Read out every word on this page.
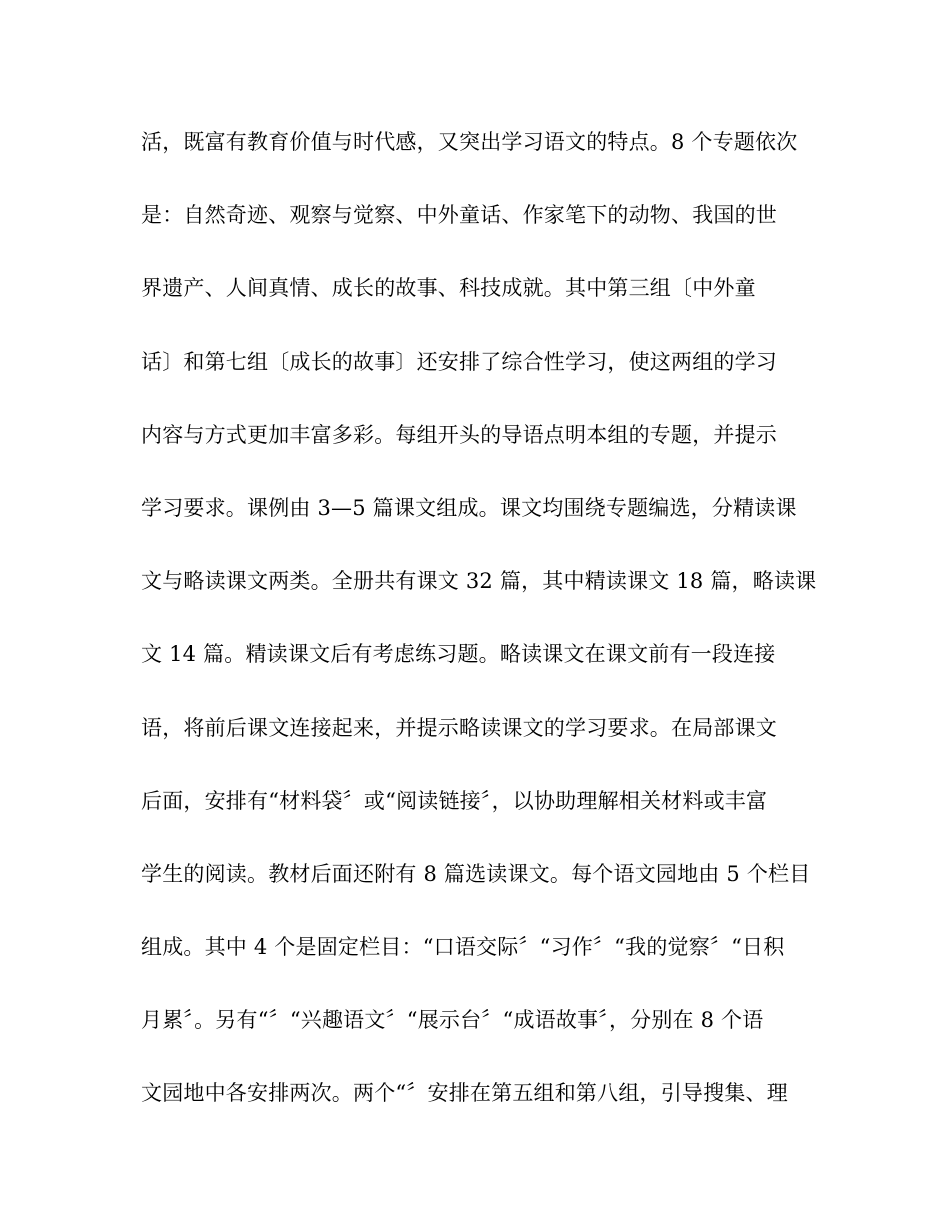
活，既富有教育价值与时代感，又突出学习语文的特点。8 个专题依次
是：自然奇迹、观察与觉察、中外童话、作家笔下的动物、我国的世
界遗产、人间真情、成长的故事、科技成就。其中第三组〔中外童
话〕和第七组〔成长的故事〕还安排了综合性学习，使这两组的学习
内容与方式更加丰富多彩。每组开头的导语点明本组的专题，并提示
学习要求。课例由 3—5 篇课文组成。课文均围绕专题编选，分精读课
文与略读课文两类。全册共有课文 32 篇，其中精读课文 18 篇，略读课
文 14 篇。精读课文后有考虑练习题。略读课文在课文前有一段连接
语，将前后课文连接起来，并提示略读课文的学习要求。在局部课文
后面，安排有“材料袋〞或“阅读链接〞，以协助理解相关材料或丰富
学生的阅读。教材后面还附有 8 篇选读课文。每个语文园地由 5 个栏目
组成。其中 4 个是固定栏目：“口语交际〞“习作〞“我的觉察〞“日积
月累〞。另有“〞“兴趣语文〞“展示台〞“成语故事〞，分别在 8 个语
文园地中各安排两次。两个“〞安排在第五组和第八组，引导搜集、理
